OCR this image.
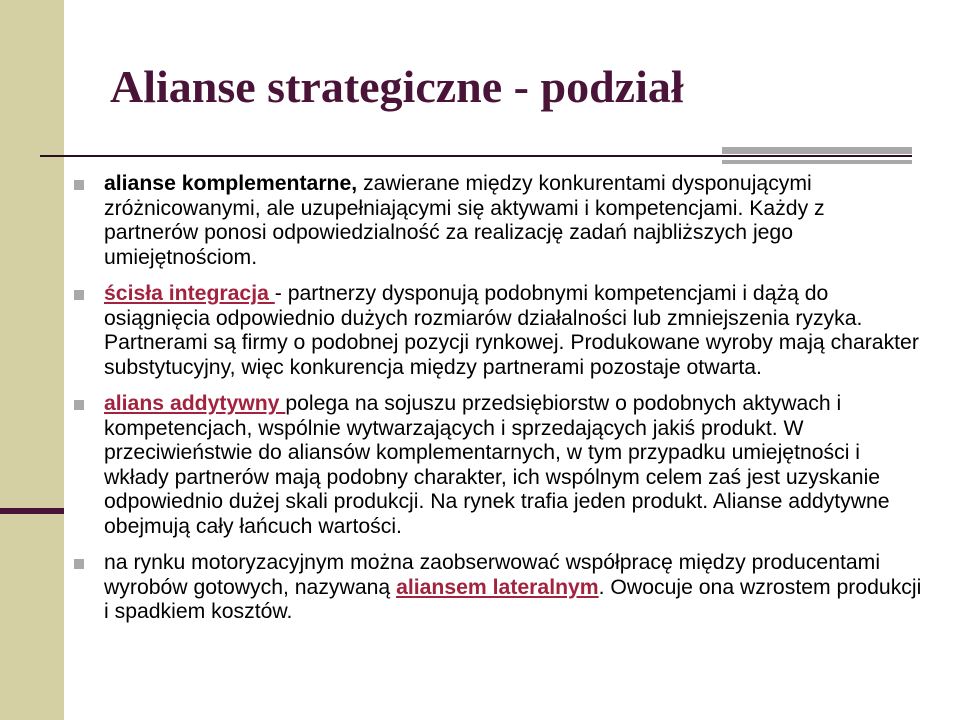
Alianse strategiczne - podział
alianse komplementarne, zawierane między konkurentami dysponującymi zróżnicowanymi, ale uzupełniającymi się aktywami i kompetencjami. Każdy z partnerów ponosi odpowiedzialność za realizację zadań najbliższych jego umiejętnościom.
ścisła integracja - partnerzy dysponują podobnymi kompetencjami i dążą do osiągnięcia odpowiednio dużych rozmiarów działalności lub zmniejszenia ryzyka. Partnerami są firmy o podobnej pozycji rynkowej. Produkowane wyroby mają charakter substytucyjny, więc konkurencja między partnerami pozostaje otwarta.
alians addytywny polega na sojuszu przedsiębiorstw o podobnych aktywach i kompetencjach, wspólnie wytwarzających i sprzedających jakiś produkt. W przeciwieństwie do aliansów komplementarnych, w tym przypadku umiejętności i wkłady partnerów mają podobny charakter, ich wspólnym celem zaś jest uzyskanie odpowiednio dużej skali produkcji. Na rynek trafia jeden produkt. Alianse addytywne obejmują cały łańcuch wartości.
na rynku motoryzacyjnym można zaobserwować współpracę między producentami wyrobów gotowych, nazywaną aliansem lateralnym. Owocuje ona wzrostem produkcji i spadkiem kosztów.
